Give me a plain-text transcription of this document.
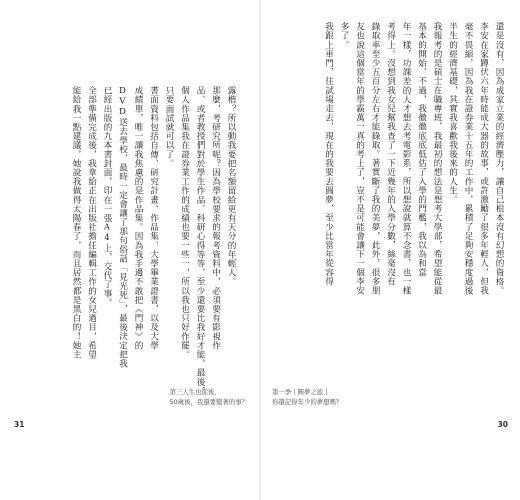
露楷？所以動我要把名額留給更有天分的年輕人。

那麼，考研究所呢？因為學校要求的報考資料中，必須要有影視作

品、或者教授們對於學生作品、科研心得等等，至少還要比我好才能，最後，

個人作品集我在證券業工作的成績也要一些一，所以我也只好作罷。

只要面試就可以了。

書面資料包括自傳、研究計畫、作品集、大學畢業證書，以及大學

成績單，唯一讓我焦慮的是作品集。因為我手邊不敢把《門神》的

DVD送去學校，最時一定會讓了那句俗話「見光死」，最後決定把我

已經出版的九本書封面，印在一張A4上，交代了事。

全部準備完成後，我拿給正在出版社擔任編輯工作的女兒過目，希望

能給我一點建議，她說我做得太陽春了，而且居然都是黑白的！她主

第三人生也從後，

50歲後，我還要變著的事？

31

還是沒有，因為成家立業的經濟壓力，讓自己根本沒有幻想的資格。

李安在家蹲伏六年時能成大器的故事，或許激勵了很多年輕人，但我

毫不畏縮，因為我在證券業十五年的工作中，累積了足夠安穩度過後

半生的經濟基礎，其實我喜歡我後來的人生。

我報考的是碩士在職專班，我最初的想法是想考大學部，希望能從最

基本的開始，不過，我徹徹底底低估了入學的門檻，我以為和當

年一樣，功課差的人才想去考電影系，所以想說就算不念書，也一樣

考得上。沒想到我女兒幫我查了一下近幾年的入學分數，絲毫沒有

錄取率至少五百分左右才能錄取。著實斷了我的美夢，此外，很多朋

友也說這個當年的學霸萬一真的考上了，豈不是可能會讓下一個李安

多了。

我跟上車門，往試場走去，現在的我要去圓夢，至少比當年從容得

第一季丨圓夢之旅丨

你還記得年少的夢想嗎？

30
